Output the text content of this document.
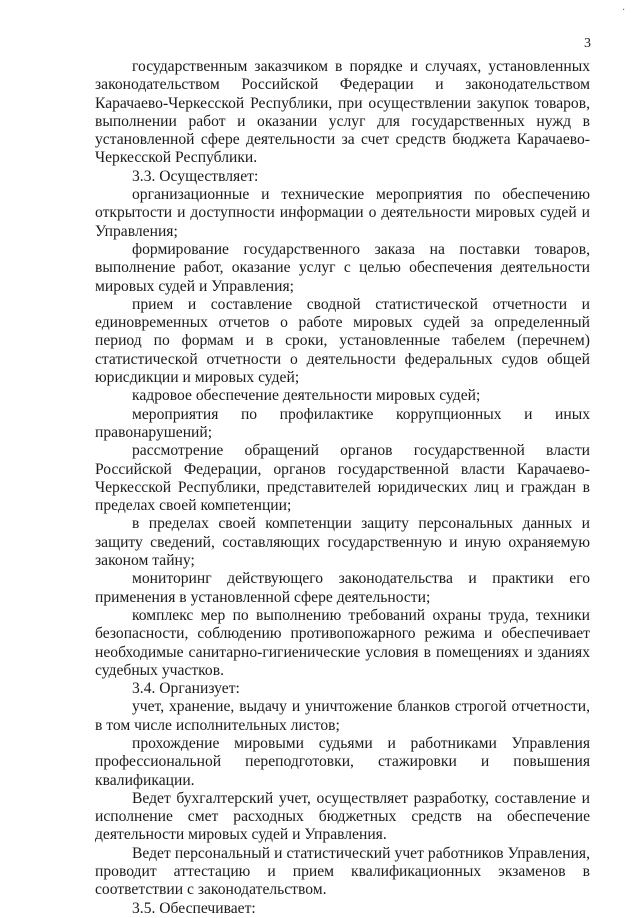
·
3

государственным заказчиком в порядке и случаях, установленных законодательством Российской Федерации и законодательством Карачаево-Черкесской Республики, при осуществлении закупок товаров, выполнении работ и оказании услуг для государственных нужд в установленной сфере деятельности за счет средств бюджета Карачаево-Черкесской Республики.

3.3. Осуществляет:

организационные и технические мероприятия по обеспечению открытости и доступности информации о деятельности мировых судей и Управления;

формирование государственного заказа на поставки товаров, выполнение работ, оказание услуг с целью обеспечения деятельности мировых судей и Управления;

прием и составление сводной статистической отчетности и единовременных отчетов о работе мировых судей за определенный период по формам и в сроки, установленные табелем (перечнем) статистической отчетности о деятельности федеральных судов общей юрисдикции и мировых судей;

кадровое обеспечение деятельности мировых судей;

мероприятия по профилактике коррупционных и иных правонарушений;

рассмотрение обращений органов государственной власти Российской Федерации, органов государственной власти Карачаево-Черкесской Республики, представителей юридических лиц и граждан в пределах своей компетенции;

в пределах своей компетенции защиту персональных данных и защиту сведений, составляющих государственную и иную охраняемую законом тайну;

мониторинг действующего законодательства и практики его применения в установленной сфере деятельности;

комплекс мер по выполнению требований охраны труда, техники безопасности, соблюдению противопожарного режима и обеспечивает необходимые санитарно-гигиенические условия в помещениях и зданиях судебных участков.

3.4. Организует:

учет, хранение, выдачу и уничтожение бланков строгой отчетности, в том числе исполнительных листов;

прохождение мировыми судьями и работниками Управления профессиональной переподготовки, стажировки и повышения квалификации.

Ведет бухгалтерский учет, осуществляет разработку, составление и исполнение смет расходных бюджетных средств на обеспечение деятельности мировых судей и Управления.

Ведет персональный и статистический учет работников Управления, проводит аттестацию и прием квалификационных экзаменов в соответствии с законодательством.

3.5. Обеспечивает:
